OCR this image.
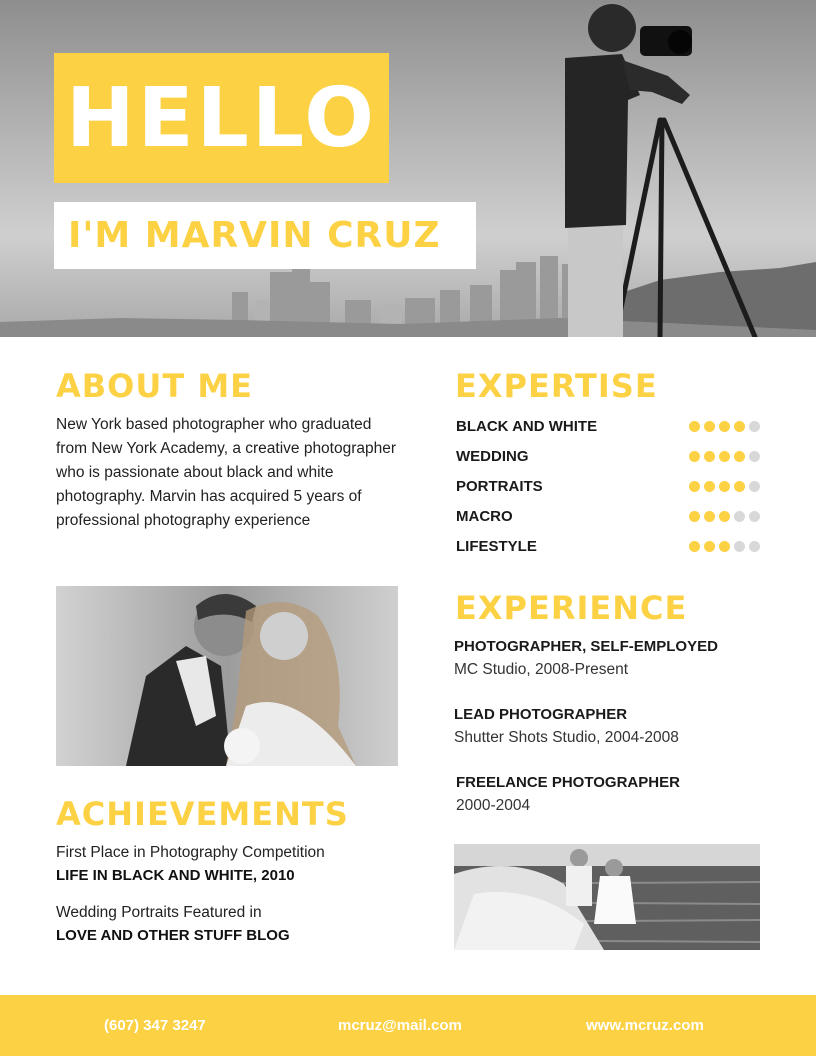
HELLO
I'M MARVIN CRUZ
ABOUT ME
New York based photographer who graduated from New York Academy, a creative photographer who is passionate about black and white photography. Marvin has acquired 5 years of professional photography experience
ACHIEVEMENTS
First Place in Photography Competition
LIFE IN BLACK AND WHITE, 2010
Wedding Portraits Featured in
LOVE AND OTHER STUFF BLOG
EXPERTISE
BLACK AND WHITE
WEDDING
PORTRAITS
MACRO
LIFESTYLE
EXPERIENCE
PHOTOGRAPHER, SELF-EMPLOYED
MC Studio, 2008-Present
LEAD PHOTOGRAPHER
Shutter Shots Studio, 2004-2008
FREELANCE PHOTOGRAPHER
2000-2004
(607) 347 3247	mcruz@mail.com	www.mcruz.com
